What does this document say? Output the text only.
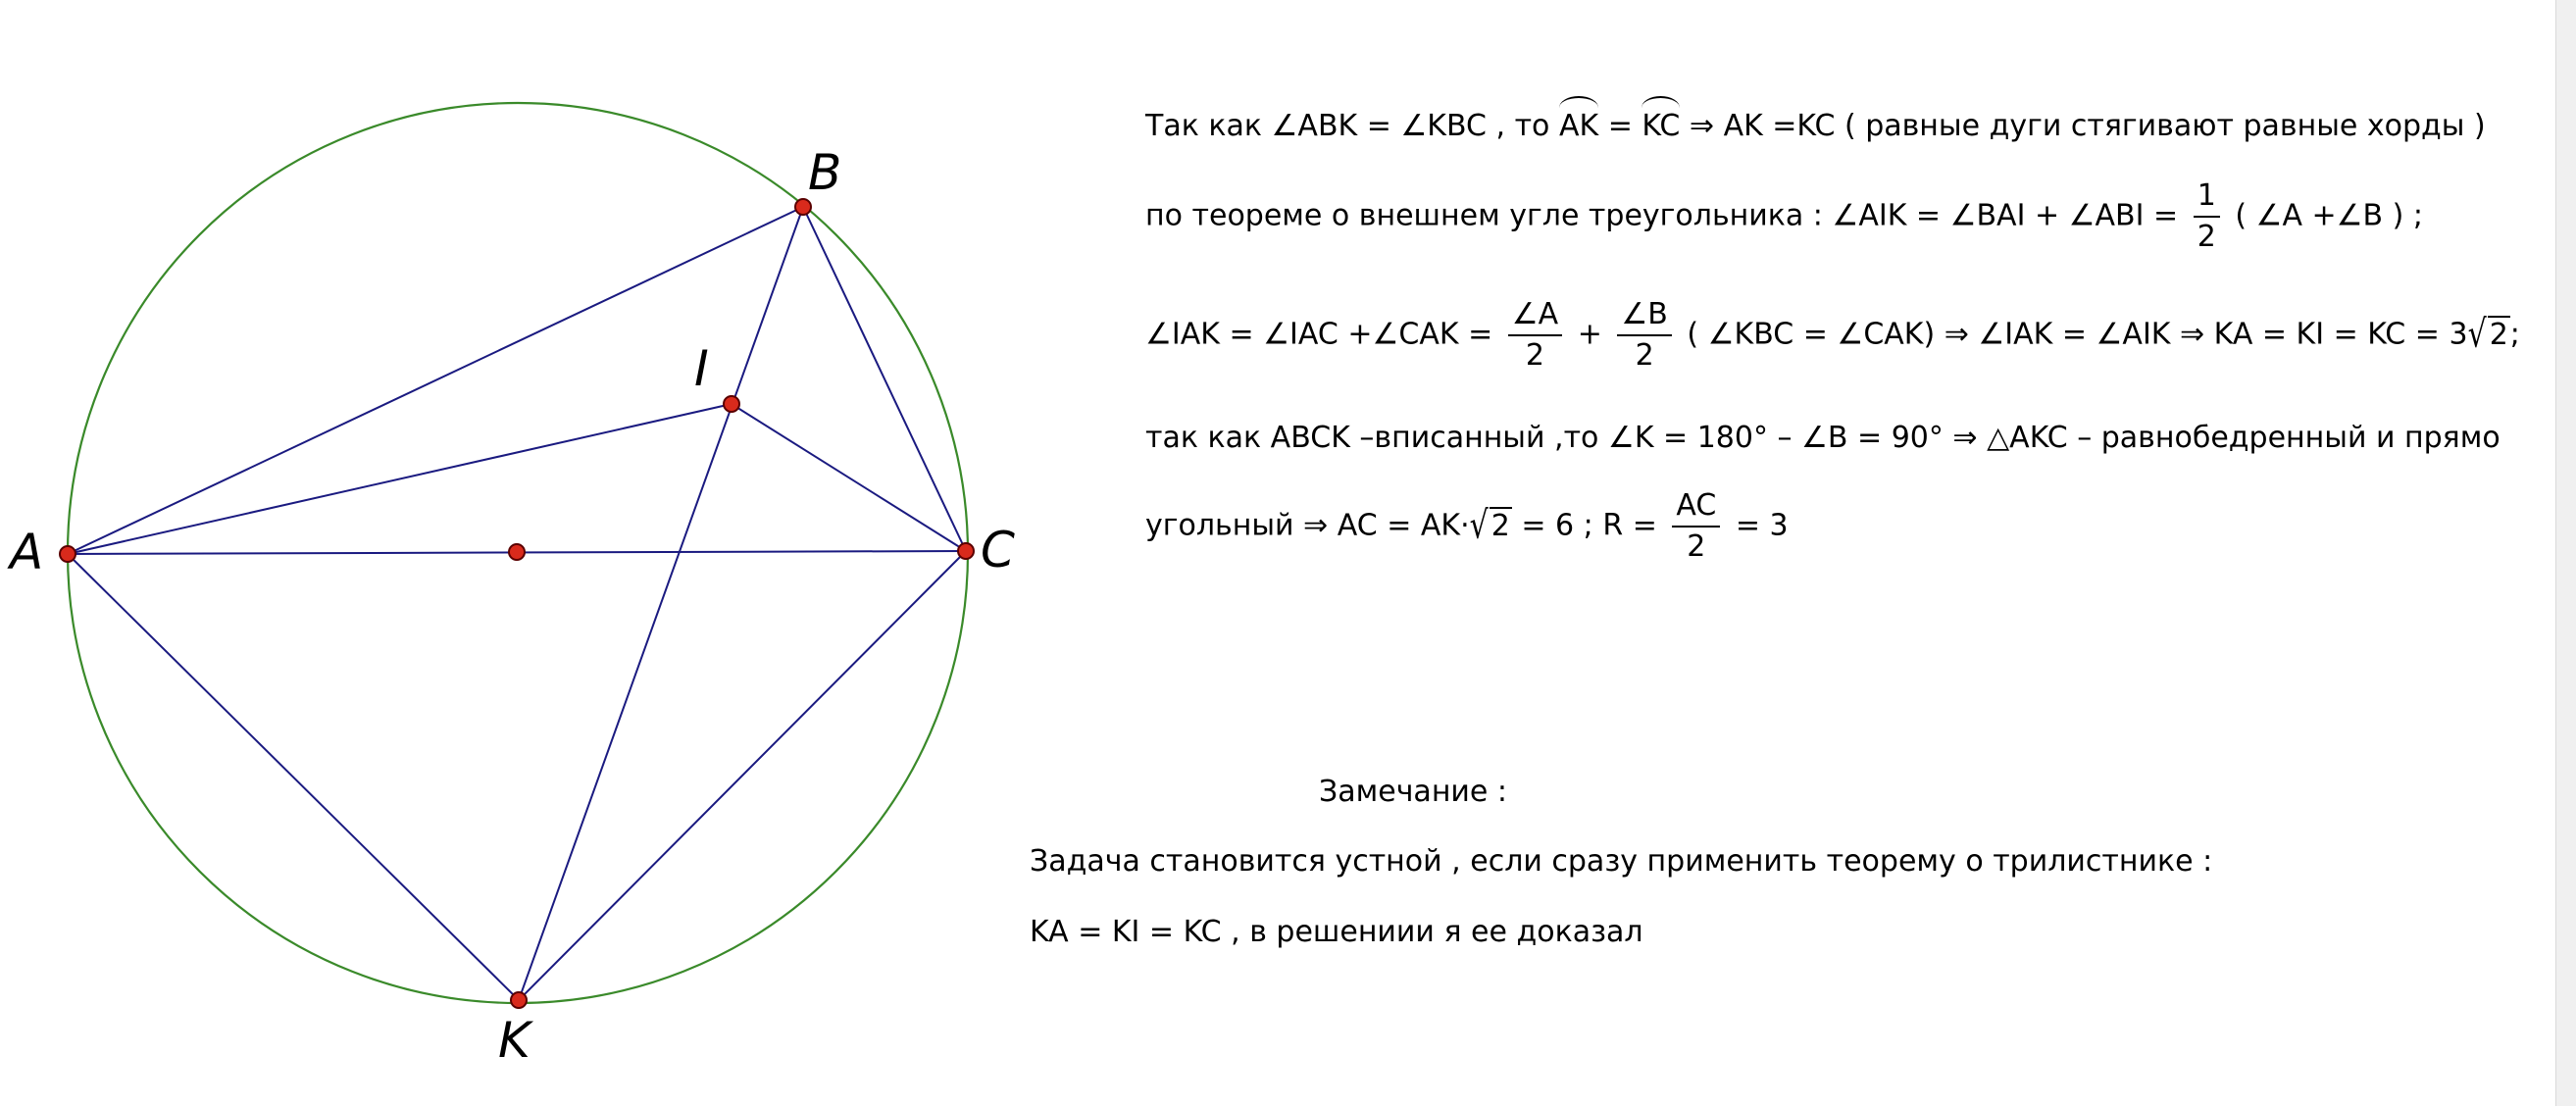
A
B
I
C
K
Так как ∠ABK = ∠KBC , то AK = KC ⇒ AK =KC ( равные дуги стягивают равные хорды )
по теореме о внешнем угле треугольника : ∠AIK = ∠BAI + ∠ABI = $\frac{1}{2}$ ( ∠A +∠B ) ;
∠IAK = ∠IAC +∠CAK = $\frac{\angle A}{2} + \frac{\angle B}{2}$ ( ∠KBC = ∠CAK) ⇒ ∠IAK = ∠AIK ⇒ KA = KI = KC = 3√ 2;
так как ABCK –вписанный ,то ∠K = 180° – ∠B = 90° ⇒ △AKC – равнобедренный и прямо
угольный ⇒ AC = AK·√ 2 = 6 ; $R = \frac{AC}{2} = 3$
Замечание :
Задача становится устной , если сразу применить теорему о трилистнике :
KA = KI = KC , в решениии я ее доказал
